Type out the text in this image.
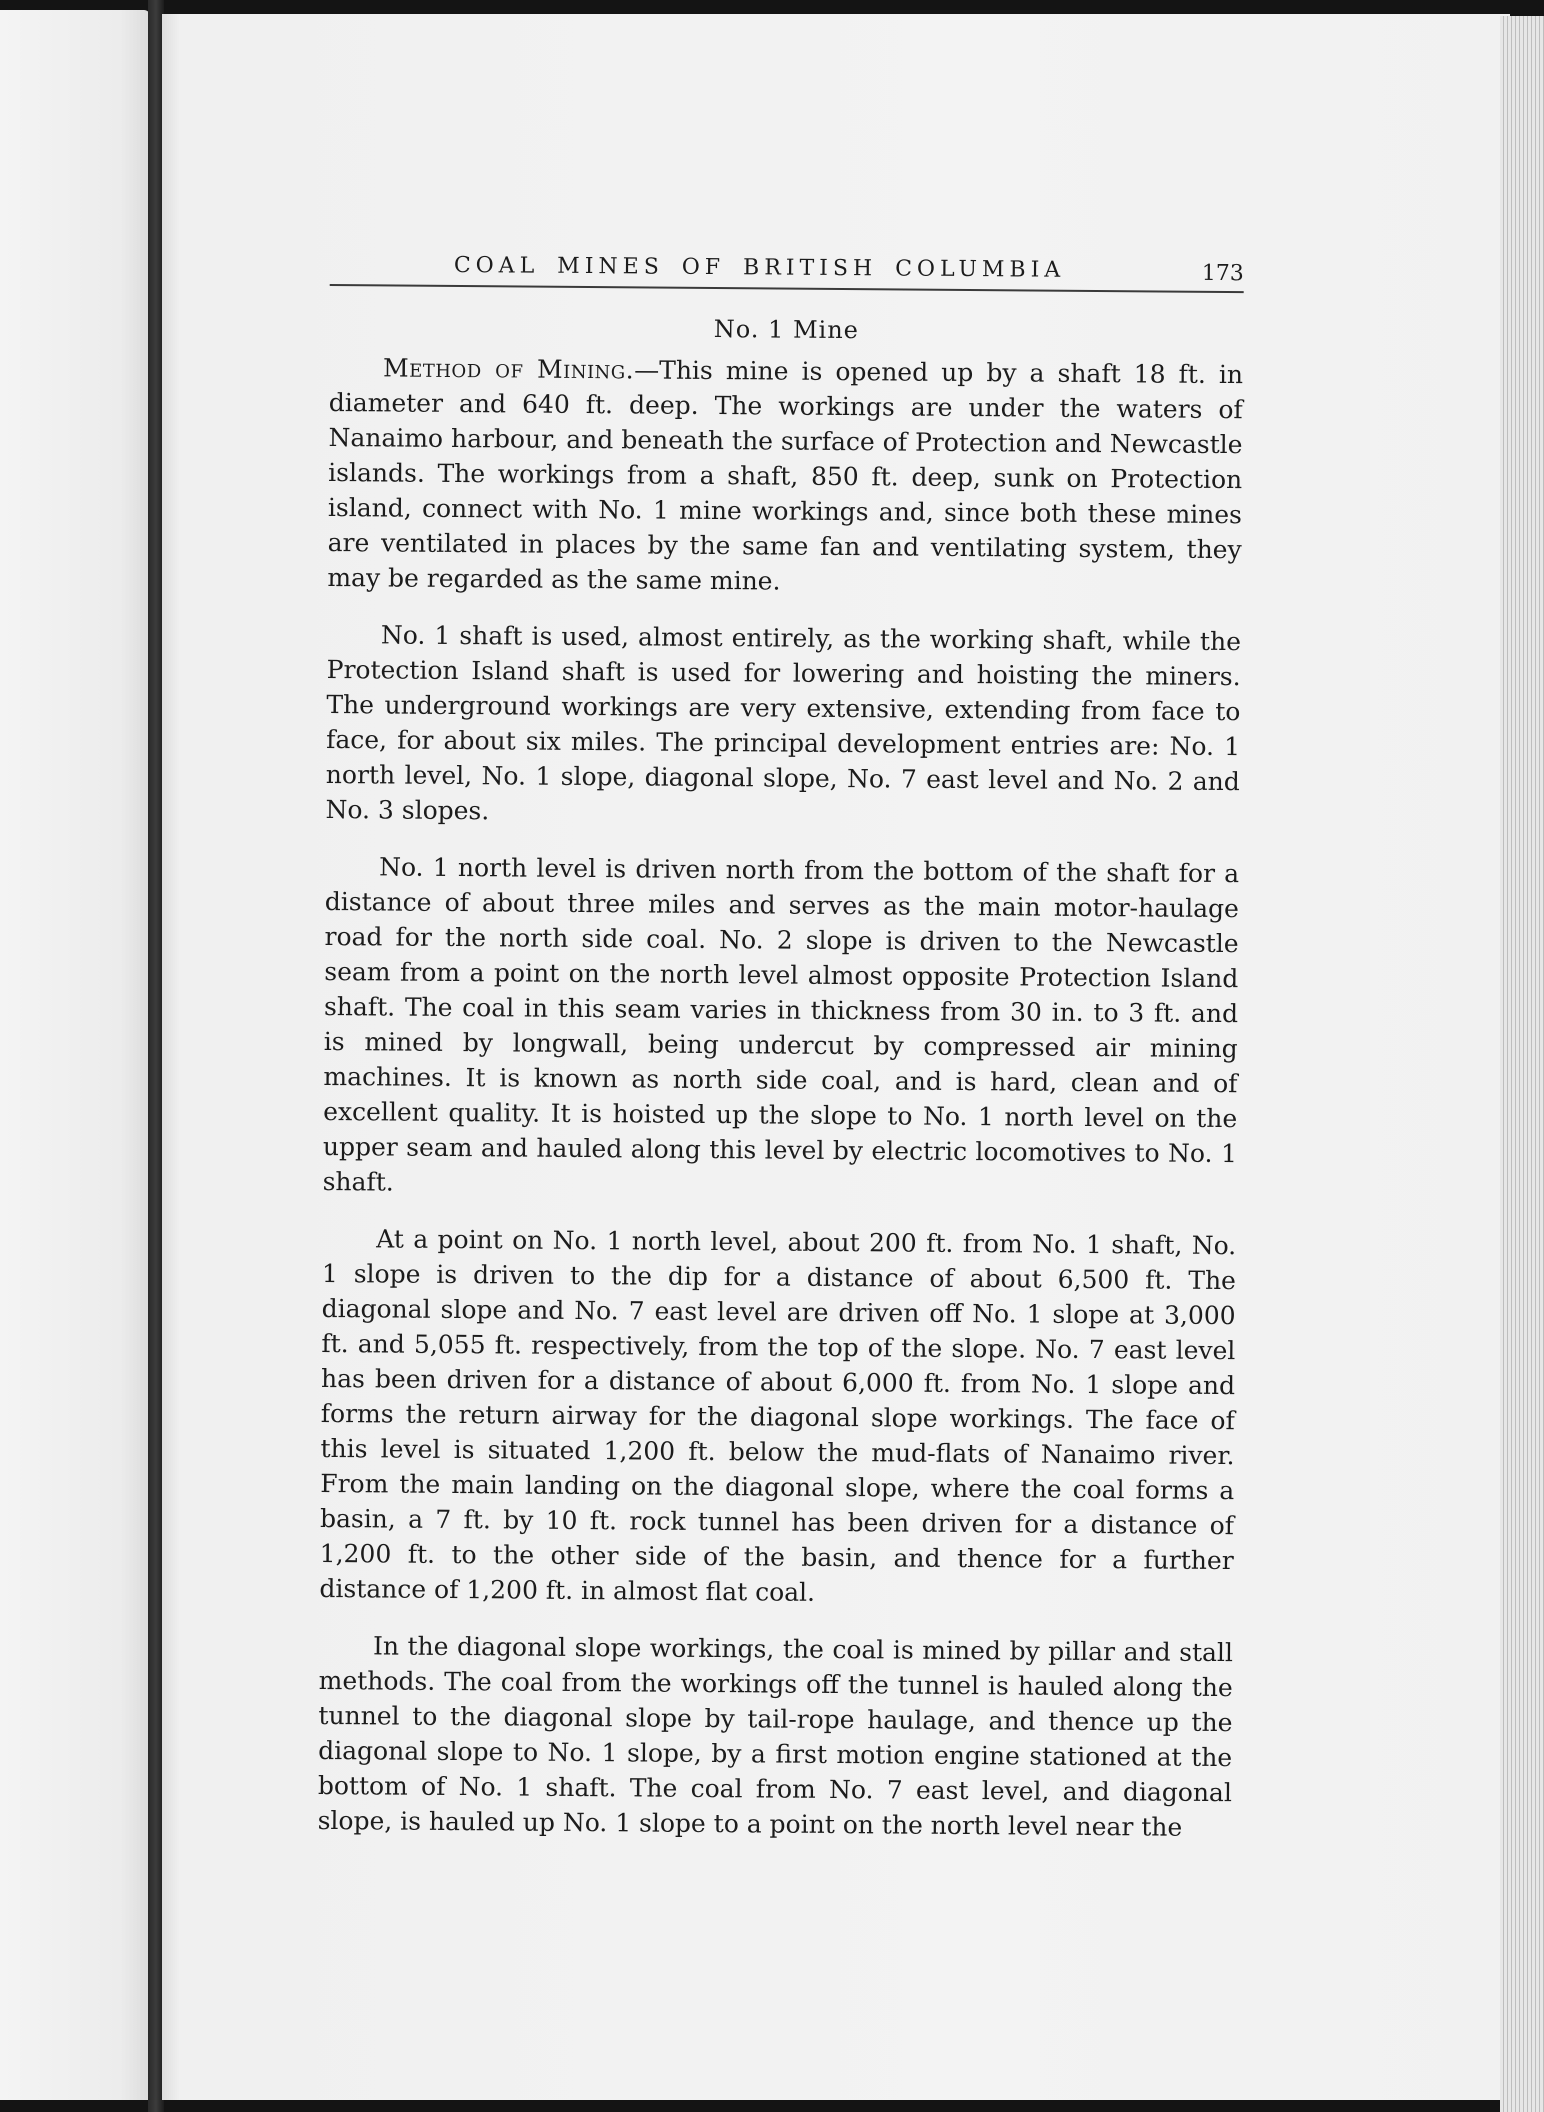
COAL MINES OF BRITISH COLUMBIA	173
No. 1 Mine

Method of Mining.—This mine is opened up by a shaft 18 ft. in diameter and 640 ft. deep. The workings are under the waters of Nanaimo harbour, and beneath the surface of Protection and Newcastle islands. The workings from a shaft, 850 ft. deep, sunk on Protection island, connect with No. 1 mine workings and, since both these mines are ventilated in places by the same fan and ventilating system, they may be regarded as the same mine.

No. 1 shaft is used, almost entirely, as the working shaft, while the Protection Island shaft is used for lowering and hoisting the miners. The underground workings are very extensive, extending from face to face, for about six miles. The principal development entries are: No. 1 north level, No. 1 slope, diagonal slope, No. 7 east level and No. 2 and No. 3 slopes.

No. 1 north level is driven north from the bottom of the shaft for a distance of about three miles and serves as the main motor-haulage road for the north side coal. No. 2 slope is driven to the Newcastle seam from a point on the north level almost opposite Protection Island shaft. The coal in this seam varies in thickness from 30 in. to 3 ft. and is mined by longwall, being undercut by compressed air mining machines. It is known as north side coal, and is hard, clean and of excellent quality. It is hoisted up the slope to No. 1 north level on the upper seam and hauled along this level by electric locomotives to No. 1 shaft.

At a point on No. 1 north level, about 200 ft. from No. 1 shaft, No. 1 slope is driven to the dip for a distance of about 6,500 ft. The diagonal slope and No. 7 east level are driven off No. 1 slope at 3,000 ft. and 5,055 ft. respectively, from the top of the slope. No. 7 east level has been driven for a distance of about 6,000 ft. from No. 1 slope and forms the return airway for the diagonal slope workings. The face of this level is situated 1,200 ft. below the mud-flats of Nanaimo river. From the main landing on the diagonal slope, where the coal forms a basin, a 7 ft. by 10 ft. rock tunnel has been driven for a distance of 1,200 ft. to the other side of the basin, and thence for a further distance of 1,200 ft. in almost flat coal.

In the diagonal slope workings, the coal is mined by pillar and stall methods. The coal from the workings off the tunnel is hauled along the tunnel to the diagonal slope by tail-rope haulage, and thence up the diagonal slope to No. 1 slope, by a first motion engine stationed at the bottom of No. 1 shaft. The coal from No. 7 east level, and diagonal slope, is hauled up No. 1 slope to a point on the north level near the
